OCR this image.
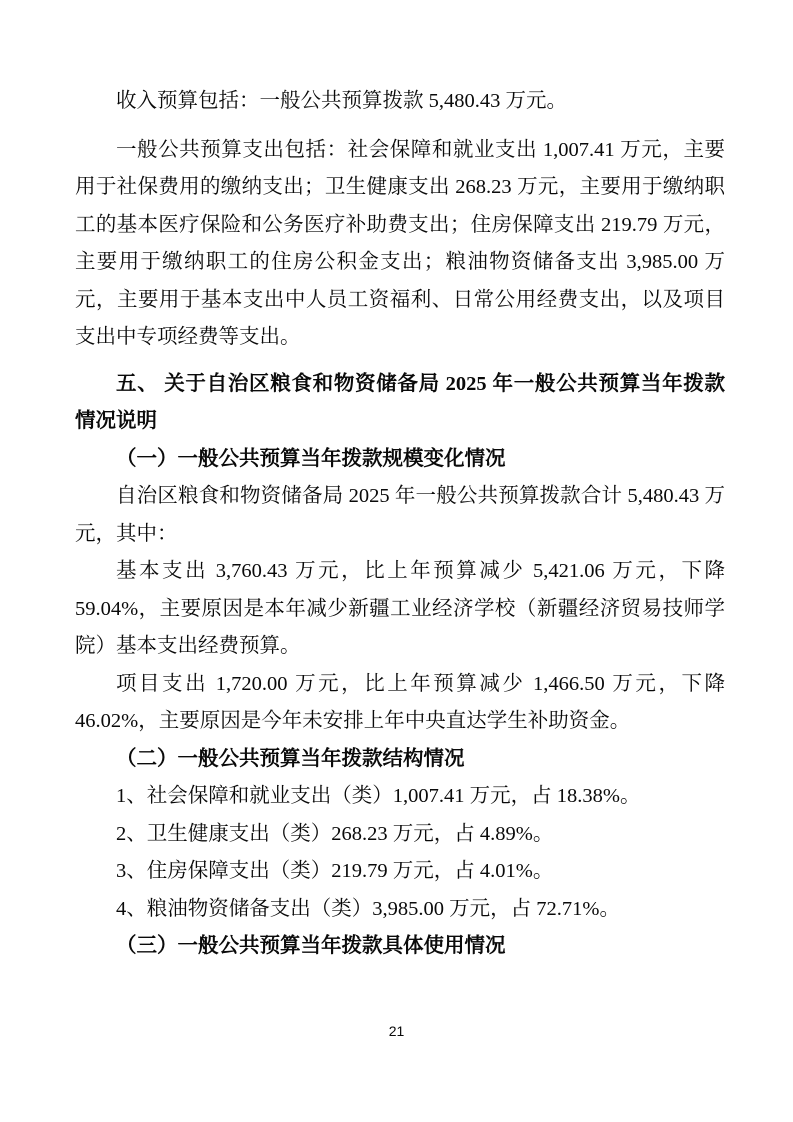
收入预算包括：一般公共预算拨款 5,480.43 万元。

一般公共预算支出包括：社会保障和就业支出 1,007.41 万元，主要用于社保费用的缴纳支出；卫生健康支出 268.23 万元，主要用于缴纳职工的基本医疗保险和公务医疗补助费支出；住房保障支出 219.79 万元，主要用于缴纳职工的住房公积金支出；粮油物资储备支出 3,985.00 万元，主要用于基本支出中人员工资福利、日常公用经费支出，以及项目支出中专项经费等支出。

五、 关于自治区粮食和物资储备局 2025 年一般公共预算当年拨款情况说明

（一）一般公共预算当年拨款规模变化情况

自治区粮食和物资储备局 2025 年一般公共预算拨款合计 5,480.43 万元，其中：

基本支出 3,760.43 万元，比上年预算减少 5,421.06 万元，下降 59.04%，主要原因是本年减少新疆工业经济学校（新疆经济贸易技师学院）基本支出经费预算。

项目支出 1,720.00 万元，比上年预算减少 1,466.50 万元，下降 46.02%，主要原因是今年未安排上年中央直达学生补助资金。

（二）一般公共预算当年拨款结构情况

1、社会保障和就业支出（类）1,007.41 万元，占 18.38%。

2、卫生健康支出（类）268.23 万元，占 4.89%。

3、住房保障支出（类）219.79 万元，占 4.01%。

4、粮油物资储备支出（类）3,985.00 万元，占 72.71%。

（三）一般公共预算当年拨款具体使用情况

21
